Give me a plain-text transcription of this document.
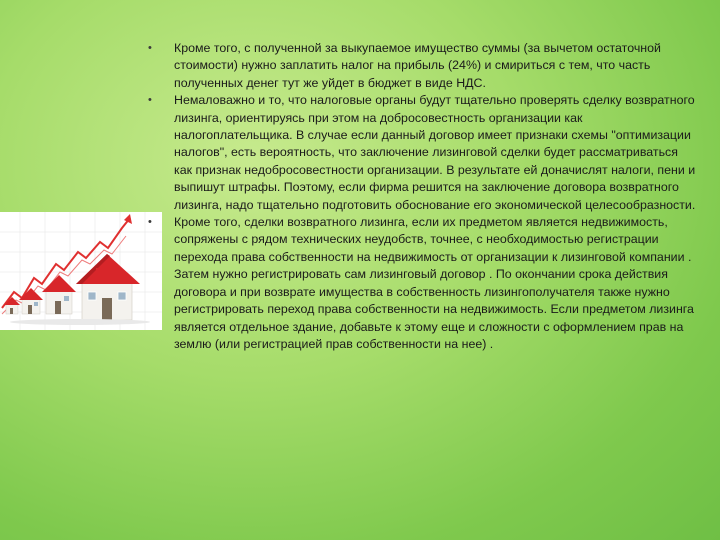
• Кроме того, с полученной за выкупаемое имущество суммы (за вычетом остаточной стоимости) нужно заплатить налог на прибыль (24%) и смириться с тем, что часть полученных денег тут же уйдет в бюджет в виде НДС.
• Немаловажно и то, что налоговые органы будут тщательно проверять сделку возвратного лизинга, ориентируясь при этом на добросовестность организации как налогоплательщика. В случае если данный договор имеет признаки схемы "оптимизации налогов", есть вероятность, что заключение лизинговой сделки будет рассматриваться как признак недобросовестности организации. В результате ей доначислят налоги, пени и выпишут штрафы. Поэтому, если фирма решится на заключение договора возвратного лизинга, надо тщательно подготовить обоснование его экономической целесообразности.
• Кроме того, сделки возвратного лизинга, если их предметом является недвижимость, сопряжены с рядом технических неудобств, точнее, с необходимостью регистрации перехода права собственности на недвижимость от организации к лизинговой компании . Затем нужно регистрировать сам лизинговый договор . По окончании срока действия договора и при возврате имущества в собственность лизингополучателя также нужно регистрировать переход права собственности на недвижимость. Если предметом лизинга является отдельное здание, добавьте к этому еще и сложности с оформлением прав на землю (или регистрацией прав собственности на нее) .
